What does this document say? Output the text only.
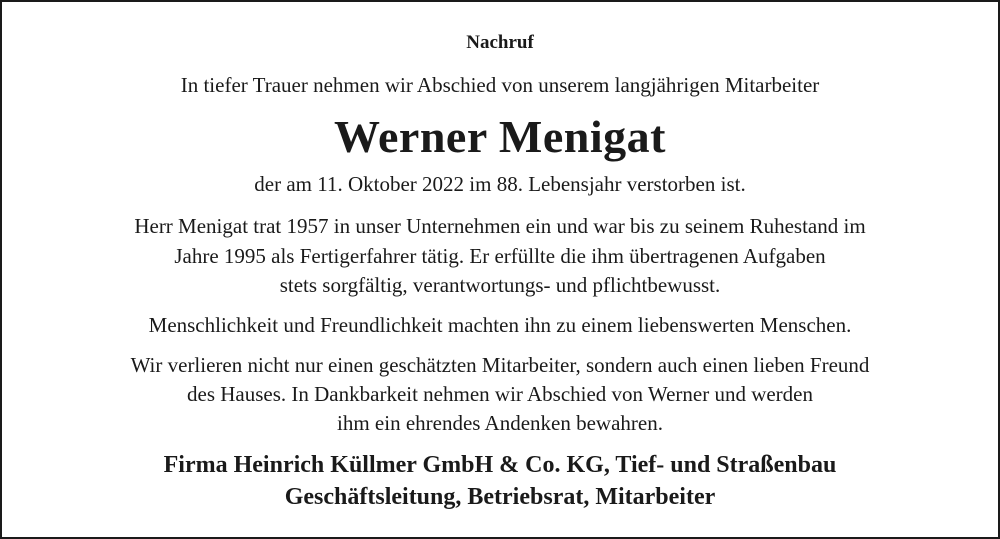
Nachruf
In tiefer Trauer nehmen wir Abschied von unserem langjährigen Mitarbeiter
Werner Menigat
der am 11. Oktober 2022 im 88. Lebensjahr verstorben ist.
Herr Menigat trat 1957 in unser Unternehmen ein und war bis zu seinem Ruhestand im
Jahre 1995 als Fertigerfahrer tätig. Er erfüllte die ihm übertragenen Aufgaben
stets sorgfältig, verantwortungs- und pflichtbewusst.
Menschlichkeit und Freundlichkeit machten ihn zu einem liebenswerten Menschen.
Wir verlieren nicht nur einen geschätzten Mitarbeiter, sondern auch einen lieben Freund
des Hauses. In Dankbarkeit nehmen wir Abschied von Werner und werden
ihm ein ehrendes Andenken bewahren.
Firma Heinrich Küllmer GmbH & Co. KG, Tief- und Straßenbau
Geschäftsleitung, Betriebsrat, Mitarbeiter
